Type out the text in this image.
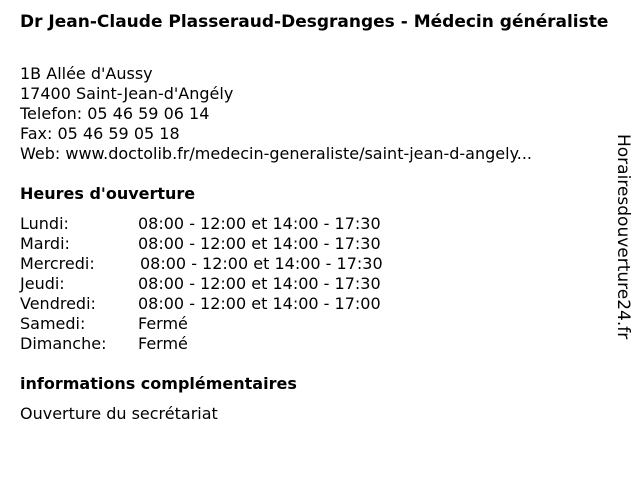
Dr Jean-Claude Plasseraud-Desgranges - Médecin généraliste
1B Allée d'Aussy
17400 Saint-Jean-d'Angély
Telefon: 05 46 59 06 14
Fax: 05 46 59 05 18
Web: www.doctolib.fr/medecin-generaliste/saint-jean-d-angely...
Heures d'ouverture
Lundi:	08:00 - 12:00 et 14:00 - 17:30
Mardi:	08:00 - 12:00 et 14:00 - 17:30
Mercredi:	08:00 - 12:00 et 14:00 - 17:30
Jeudi:	08:00 - 12:00 et 14:00 - 17:30
Vendredi:	08:00 - 12:00 et 14:00 - 17:00
Samedi:	Fermé
Dimanche: Fermé
informations complémentaires
Ouverture du secrétariat
Horairesdouverture24.fr
